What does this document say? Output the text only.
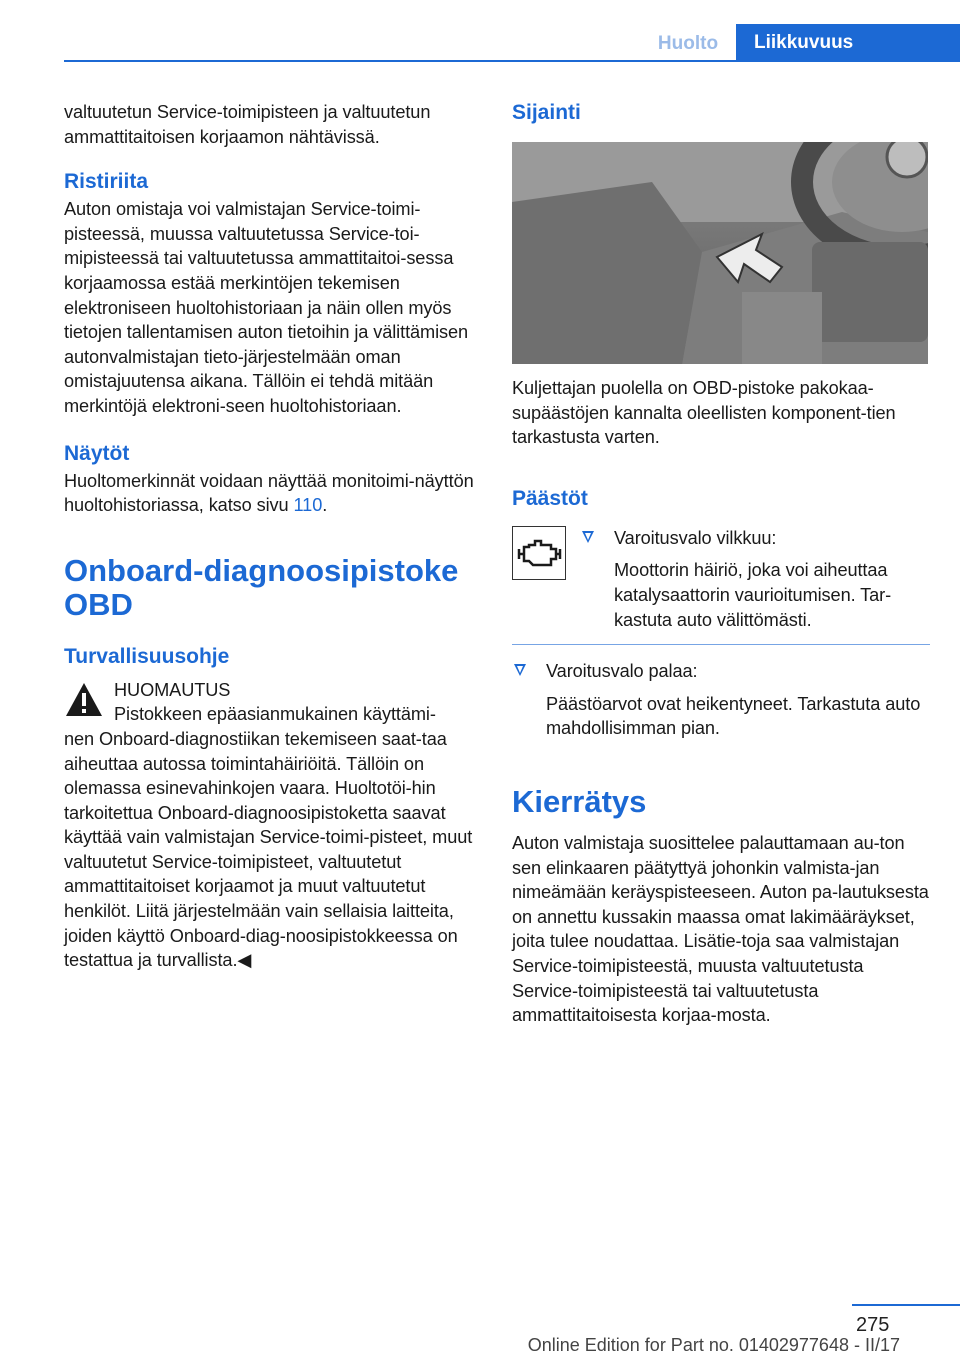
Huolto	Liikkuvuus

valtuutetun Service-toimipisteen ja valtuutetun ammattitaitoisen korjaamon nähtävissä.

Ristiriita

Auton omistaja voi valmistajan Service-toimi-pisteessä, muussa valtuutetussa Service-toi-mipisteessä tai valtuutetussa ammattitaitoi-sessa korjaamossa estää merkintöjen tekemisen elektroniseen huoltohistoriaan ja näin ollen myös tietojen tallentamisen auton tietoihin ja välittämisen autonvalmistajan tieto-järjestelmään oman omistajuutensa aikana. Tällöin ei tehdä mitään merkintöjä elektroni-seen huoltohistoriaan.

Näytöt

Huoltomerkinnät voidaan näyttää monitoimi-näyttön huoltohistoriassa, katso sivu 110.

Onboard-diagnoosipistoke
OBD
Turvallisuusohje

HUOMAUTUS

Pistokkeen epäasianmukainen käyttämi-

nen Onboard-diagnostiikan tekemiseen saat-taa aiheuttaa autossa toimintahäiriöitä. Tällöin on olemassa esinevahinkojen vaara. Huoltotöi-hin tarkoitettua Onboard-diagnoosipistoketta saavat käyttää vain valmistajan Service-toimi-pisteet, muut valtuutetut Service-toimipisteet, valtuutetut ammattitaitoiset korjaamot ja muut valtuutetut henkilöt. Liitä järjestelmään vain sellaisia laitteita, joiden käyttö Onboard-diag-noosipistokkeessa on testattua ja turvallista.◀

Sijainti

Kuljettajan puolella on OBD-pistoke pakokaa-supäästöjen kannalta oleellisten komponent-tien tarkastusta varten.

Päästöt

Varoitusvalo vilkkuu:

Moottorin häiriö, joka voi aiheuttaa katalysaattorin vaurioitumisen. Tar-kastuta auto välittömästi.

Varoitusvalo palaa:

Päästöarvot ovat heikentyneet. Tarkastuta auto mahdollisimman pian.

Kierrätys

Auton valmistaja suosittelee palauttamaan au-ton sen elinkaaren päätyttyä johonkin valmista-jan nimeämään keräyspisteeseen. Auton pa-lautuksesta on annettu kussakin maassa omat lakimääräykset, joita tulee noudattaa. Lisätie-toja saa valmistajan Service-toimipisteestä, muusta valtuutetusta Service-toimipisteestä tai valtuutetusta ammattitaitoisesta korjaa-mosta.

275
Online Edition for Part no. 01402977648 - II/17
